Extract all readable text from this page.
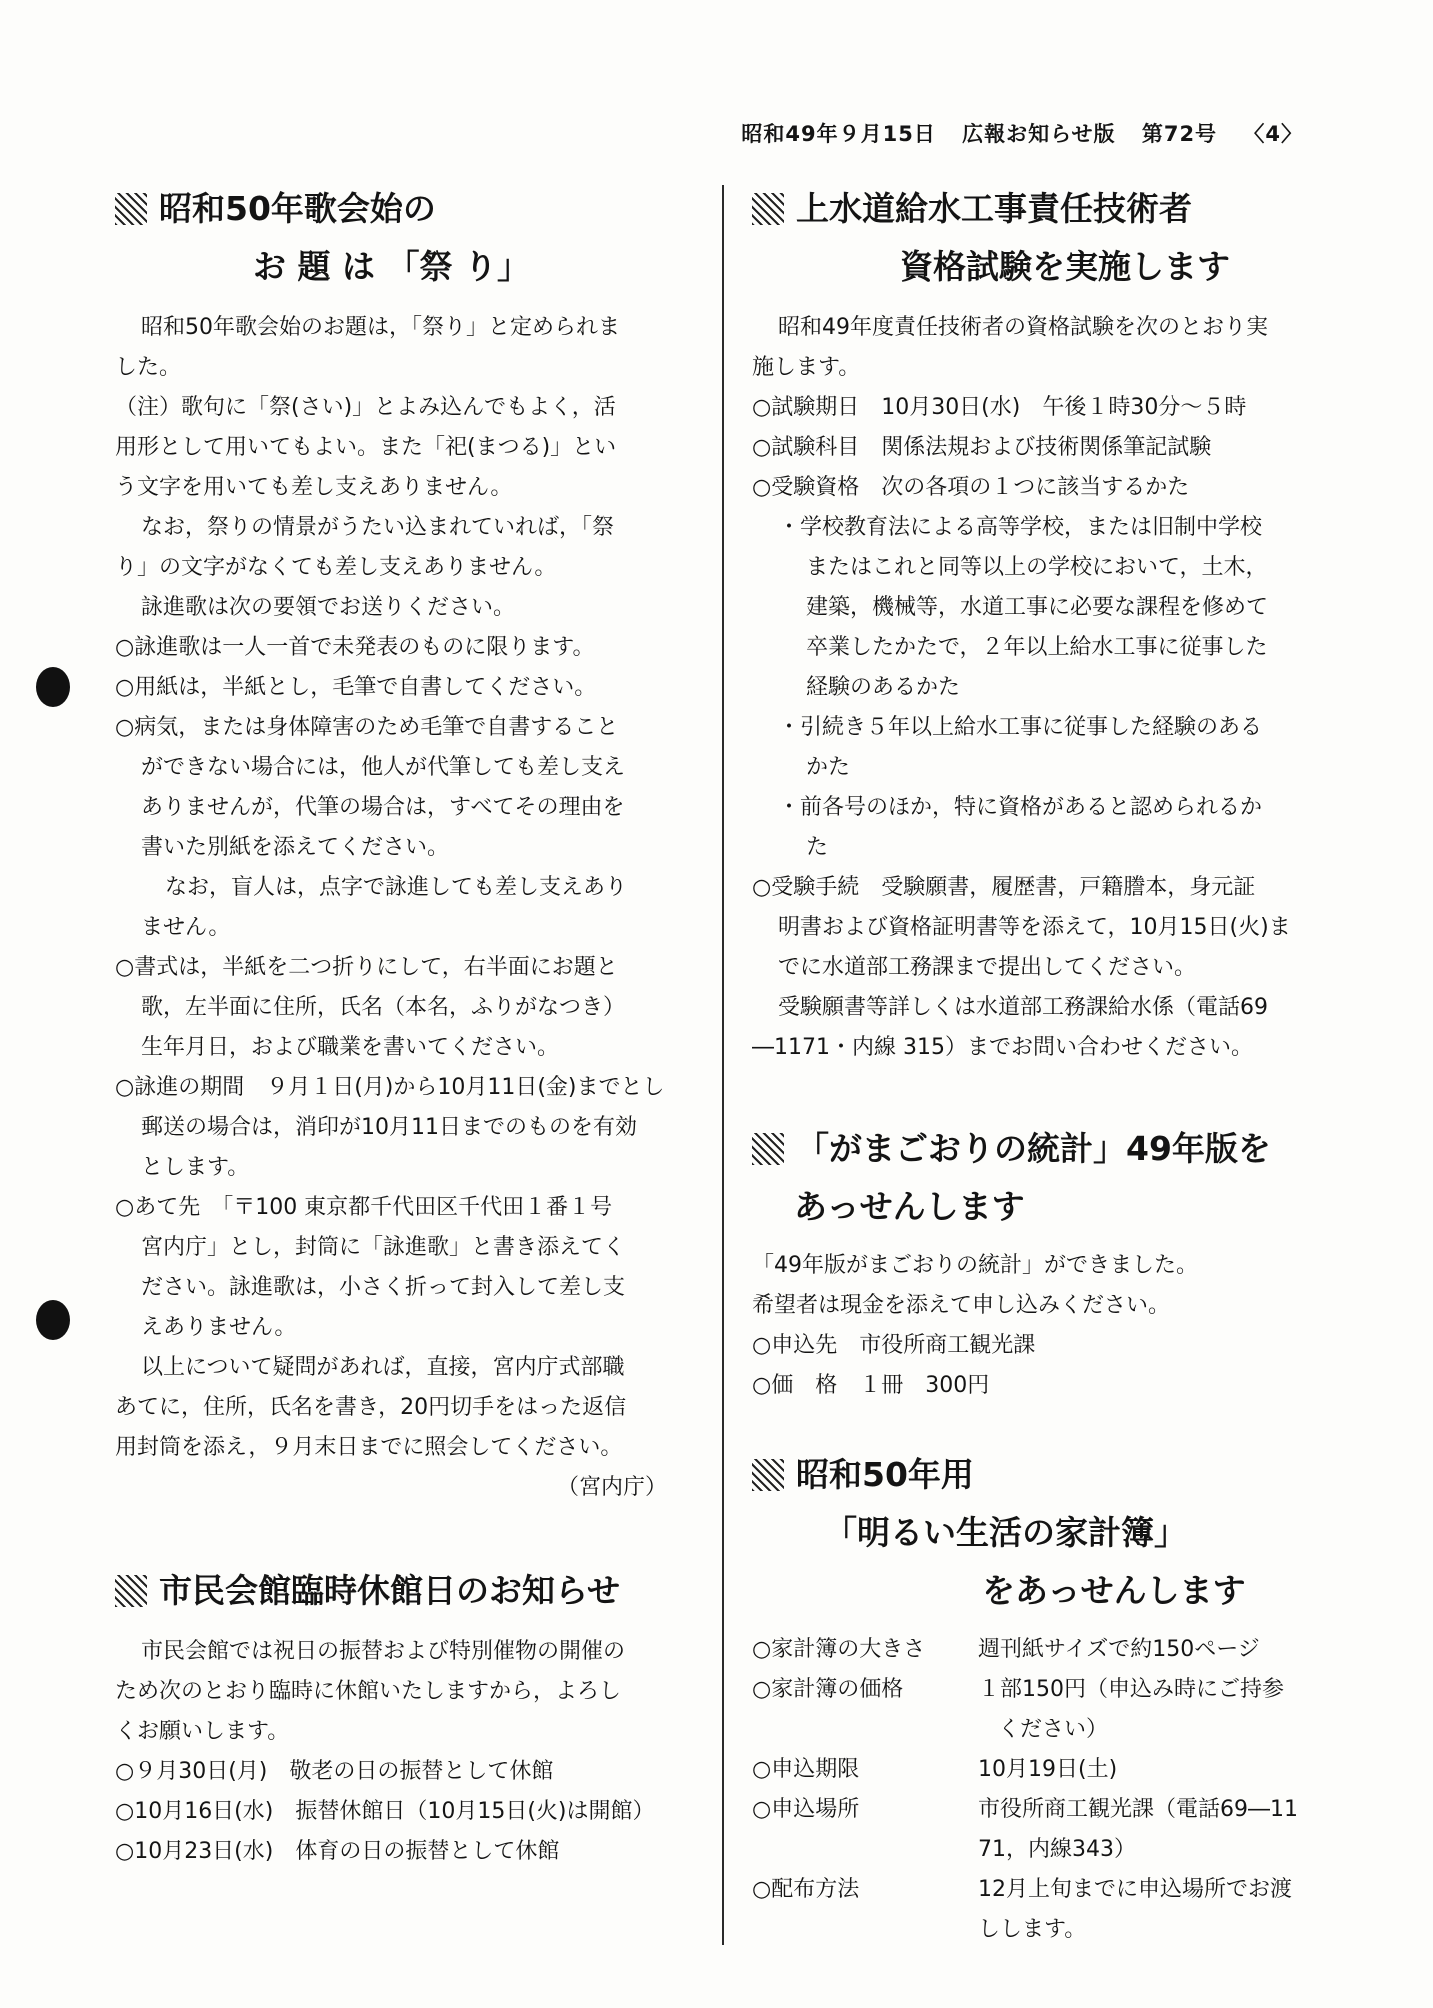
昭和49年９月15日 広報お知らせ版 第72号 〈4〉
昭和50年歌会始の
お 題 は 「祭 り」
昭和50年歌会始のお題は，「祭り」と定められま
した。
（注）歌句に「祭(さい)」とよみ込んでもよく，活
用形として用いてもよい。また「祀(まつる)」とい
う文字を用いても差し支えありません。
なお，祭りの情景がうたい込まれていれば，「祭
り」の文字がなくても差し支えありません。
詠進歌は次の要領でお送りください。
○詠進歌は一人一首で未発表のものに限ります。
○用紙は，半紙とし，毛筆で自書してください。
○病気，または身体障害のため毛筆で自書すること
ができない場合には，他人が代筆しても差し支え
ありませんが，代筆の場合は，すべてその理由を
書いた別紙を添えてください。
なお，盲人は，点字で詠進しても差し支えあり
ません。
○書式は，半紙を二つ折りにして，右半面にお題と
歌，左半面に住所，氏名（本名，ふりがなつき）
生年月日，および職業を書いてください。
○詠進の期間　９月１日(月)から10月11日(金)までとし
郵送の場合は，消印が10月11日までのものを有効
とします。
○あて先　「〒100 東京都千代田区千代田１番１号
宮内庁」とし，封筒に「詠進歌」と書き添えてく
ださい。詠進歌は，小さく折って封入して差し支
えありません。
以上について疑問があれば，直接，宮内庁式部職
あてに，住所，氏名を書き，20円切手をはった返信
用封筒を添え，９月末日までに照会してください。
（宮内庁）
市民会館臨時休館日のお知らせ
市民会館では祝日の振替および特別催物の開催の
ため次のとおり臨時に休館いたしますから，よろし
くお願いします。
○９月30日(月)　敬老の日の振替として休館
○10月16日(水)　振替休館日（10月15日(火)は開館）
○10月23日(水)　体育の日の振替として休館
上水道給水工事責任技術者
資格試験を実施します
昭和49年度責任技術者の資格試験を次のとおり実
施します。
○試験期日　10月30日(水)　午後１時30分～５時
○試験科目　関係法規および技術関係筆記試験
○受験資格　次の各項の１つに該当するかた
・学校教育法による高等学校，または旧制中学校
またはこれと同等以上の学校において，土木，
建築，機械等，水道工事に必要な課程を修めて
卒業したかたで，２年以上給水工事に従事した
経験のあるかた
・引続き５年以上給水工事に従事した経験のある
かた
・前各号のほか，特に資格があると認められるか
た
○受験手続　受験願書，履歴書，戸籍謄本，身元証
明書および資格証明書等を添えて，10月15日(火)ま
でに水道部工務課まで提出してください。
受験願書等詳しくは水道部工務課給水係（電話69
―1171・内線 315）までお問い合わせください。
「がまごおりの統計」49年版を
あっせんします
「49年版がまごおりの統計」ができました。
希望者は現金を添えて申し込みください。
○申込先　市役所商工観光課
○価　格　１冊　300円
昭和50年用
「明るい生活の家計簿」
をあっせんします
○家計簿の大きさ	週刊紙サイズで約150ページ
○家計簿の価格	１部150円（申込み時にご持参
ください）
○申込期限	10月19日(土)
○申込場所	市役所商工観光課（電話69―11
71，内線343）
○配布方法	12月上旬までに申込場所でお渡
しします。
